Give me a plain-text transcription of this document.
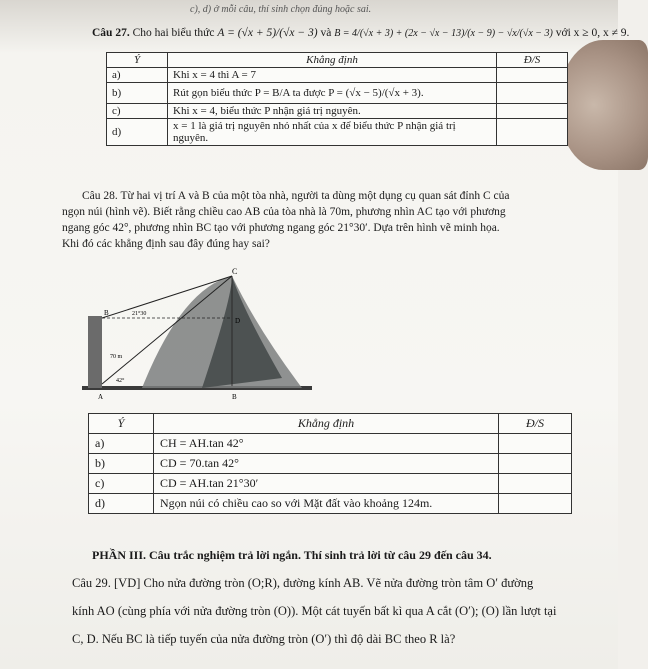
c), d) ở mỗi câu, thí sinh chọn đúng hoặc sai.
Câu 27. Cho hai biểu thức A = (√x + 5)/(√x − 3) và B = 4/(√x + 3) + (2x − √x − 13)/(x − 9) − √x/(√x − 3) với x ≥ 0, x ≠ 9.
Ý	Khẳng định	Đ/S
a)	Khi x = 4 thì A = 7	
b)	Rút gọn biểu thức P = B/A ta được P = (√x − 5)/(√x + 3).	
c)	Khi x = 4, biểu thức P nhận giá trị nguyên.	
d)	x = 1 là giá trị nguyên nhỏ nhất của x để biểu thức P nhận giá trị nguyên.	
Câu 28. Từ hai vị trí A và B của một tòa nhà, người ta dùng một dụng cụ quan sát đỉnh C của
ngọn núi (hình vẽ). Biết rằng chiều cao AB của tòa nhà là 70m, phương nhìn AC tạo với phương
ngang góc 42°, phương nhìn BC tạo với phương ngang góc 21°30′. Dựa trên hình vẽ minh họa.
Khi đó các khẳng định sau đây đúng hay sai?
C
B	21°30
D
70 m
42°
A	B
Ý	Khẳng định	Đ/S
a)	CH = AH.tan 42°	
b)	CD = 70.tan 42°	
c)	CD = AH.tan 21°30′	
d)	Ngọn núi có chiều cao so với Mặt đất vào khoảng 124m.	
PHẦN III. Câu trắc nghiệm trả lời ngắn. Thí sinh trả lời từ câu 29 đến câu 34.
Câu 29. [VD] Cho nửa đường tròn (O;R), đường kính AB. Vẽ nửa đường tròn tâm O′ đường
kính AO (cùng phía với nửa đường tròn (O)). Một cát tuyến bất kì qua A cắt (O′); (O) lần lượt tại
C, D. Nếu BC là tiếp tuyến của nửa đường tròn (O′) thì độ dài BC theo R là?
